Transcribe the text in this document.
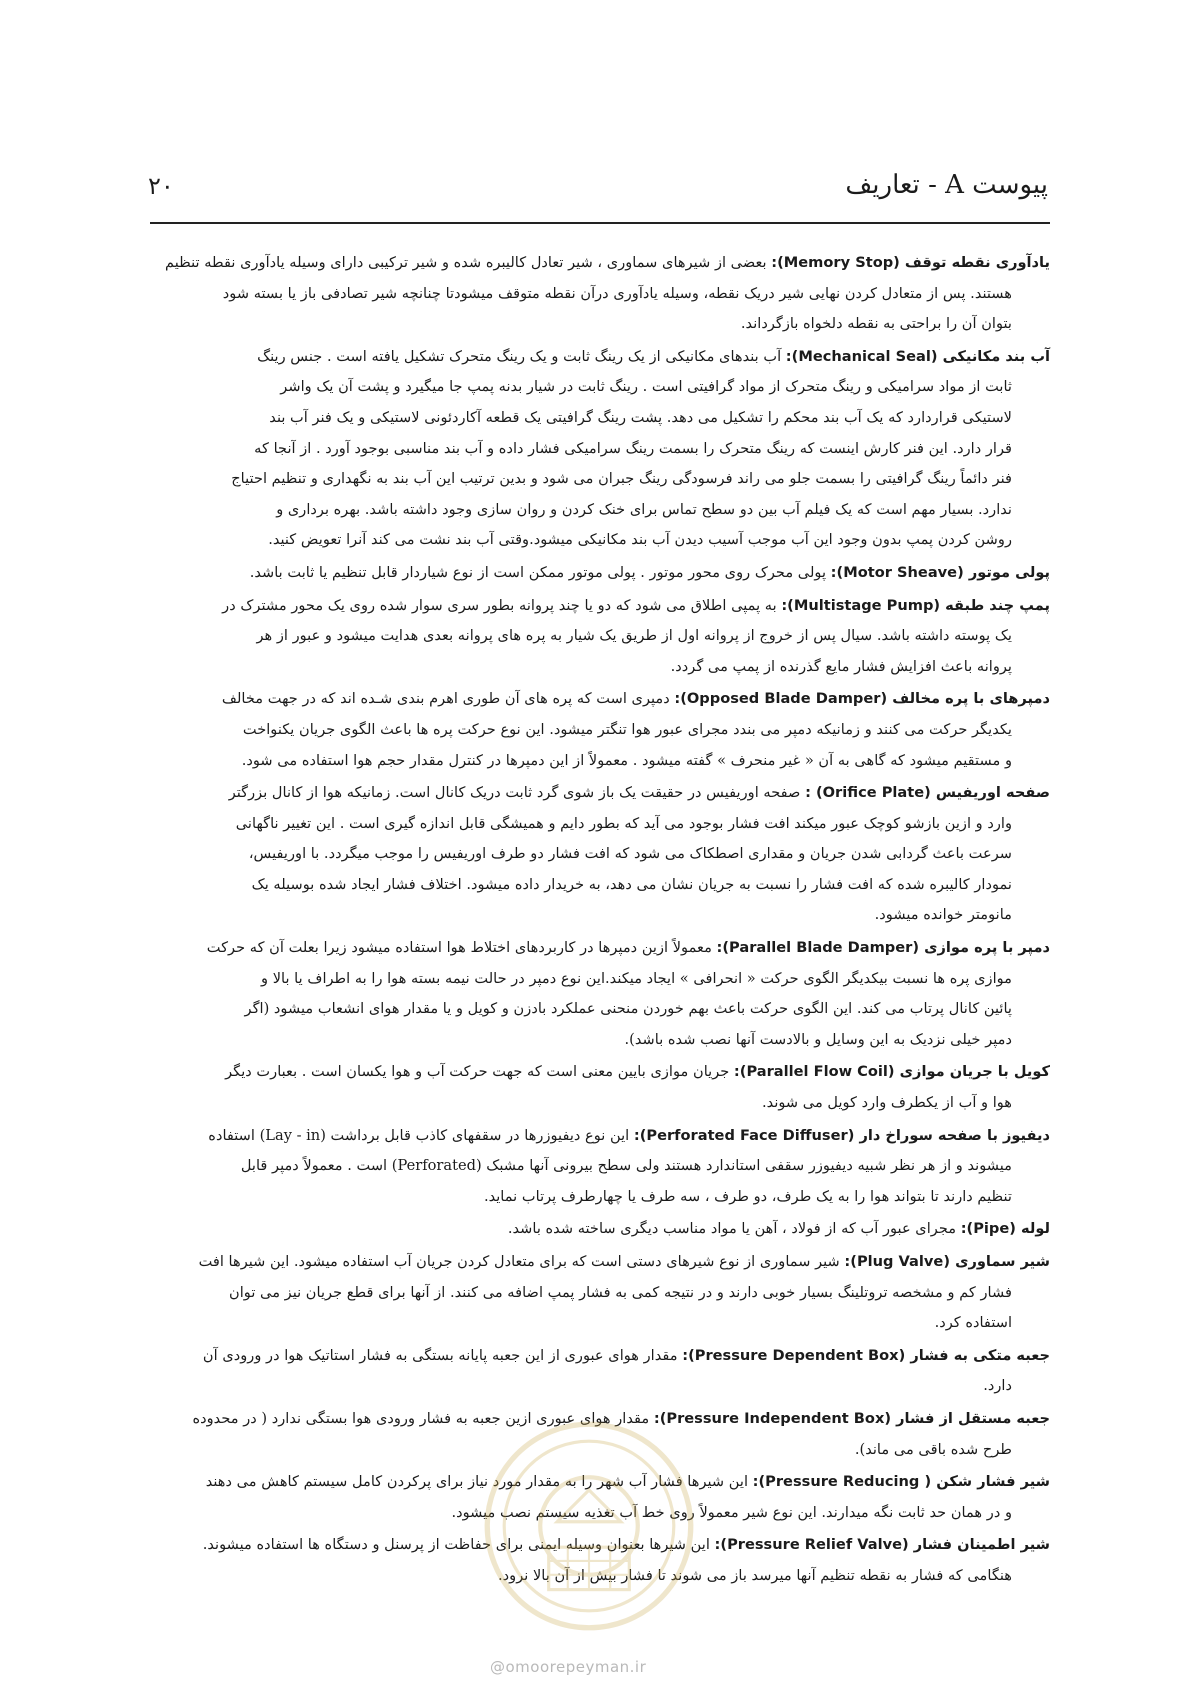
پیوست A - تعاریف
۲۰
یادآوری نقطه توقف (Memory Stop): بعضی از شیرهای سماوری ، شیر تعادل کالیبره شده و شیر ترکیبی دارای وسیله یادآوری نقطه تنظیم
هستند. پس از متعادل کردن نهایی شیر دریک نقطه، وسیله یادآوری درآن نقطه متوقف میشودتا چنانچه شیر تصادفی باز یا بسته شود
بتوان آن را براحتی به نقطه دلخواه بازگرداند.
آب بند مکانیکی (Mechanical Seal): آب بندهای مکانیکی از یک رینگ ثابت و یک رینگ متحرک تشکیل یافته است . جنس رینگ
ثابت از مواد سرامیکی و رینگ متحرک از مواد گرافیتی است . رینگ ثابت در شیار بدنه پمپ جا میگیرد و پشت آن یک واشر
لاستیکی قراردارد که یک آب بند محکم را تشکیل می دهد. پشت رینگ گرافیتی یک قطعه آکاردئونی لاستیکی و یک فنر آب بند
قرار دارد. این فنر کارش اینست که رینگ متحرک را بسمت رینگ سرامیکی فشار داده و آب بند مناسبی بوجود آورد . از آنجا که
فنر دائماً رینگ گرافیتی را بسمت جلو می راند فرسودگی رینگ جبران می شود و بدین ترتیب این آب بند به نگهداری و تنظیم احتیاج
ندارد. بسیار مهم است که یک فیلم آب بین دو سطح تماس برای خنک کردن و روان سازی وجود داشته باشد. بهره برداری و
روشن کردن پمپ بدون وجود این آب موجب آسیب دیدن آب بند مکانیکی میشود.وقتی آب بند نشت می کند آنرا تعویض کنید.
پولی موتور (Motor Sheave): پولی محرک روی محور موتور . پولی موتور ممکن است از نوع شیاردار قابل تنظیم یا ثابت باشد.
پمپ چند طبقه (Multistage Pump): به پمپی اطلاق می شود که دو یا چند پروانه بطور سری سوار شده روی یک محور مشترک در
یک پوسته داشته باشد. سیال پس از خروج از پروانه اول از طریق یک شیار به پره های پروانه بعدی هدایت میشود و عبور از هر
پروانه باعث افزایش فشار مایع گذرنده از پمپ می گردد.
دمپرهای با پره مخالف (Opposed Blade Damper): دمپری است که پره های آن طوری اهرم بندی شـده اند که در جهت مخالف
یکدیگر حرکت می کنند و زمانیکه دمپر می بندد مجرای عبور هوا تنگتر میشود. این نوع حرکت پره ها باعث الگوی جریان یکنواخت
و مستقیم میشود که گاهی به آن « غیر منحرف » گفته میشود . معمولاً از این دمپرها در کنترل مقدار حجم هوا استفاده می شود.
صفحه اوریفیس (Orifice Plate) : صفحه اوریفیس در حقیقت یک باز شوی گرد ثابت دریک کانال است. زمانیکه هوا از کانال بزرگتر
وارد و ازین بازشو کوچک عبور میکند افت فشار بوجود می آید که بطور دایم و همیشگی قابل اندازه گیری است . این تغییر ناگهانی
سرعت باعث گردابی شدن جریان و مقداری اصطکاک می شود که افت فشار دو طرف اوریفیس را موجب میگردد. با اوریفیس،
نمودار کالیبره شده که افت فشار را نسبت به جریان نشان می دهد، به خریدار داده میشود. اختلاف فشار ایجاد شده بوسیله یک
مانومتر خوانده میشود.
دمپر با پره موازی (Parallel Blade Damper): معمولاً ازین دمپرها در کاربردهای اختلاط هوا استفاده میشود زیرا بعلت آن که حرکت
موازی پره ها نسبت بیکدیگر الگوی حرکت « انحرافی » ایجاد میکند.این نوع دمپر در حالت نیمه بسته هوا را به اطراف یا بالا و
پائین کانال پرتاب می کند. این الگوی حرکت باعث بهم خوردن منحنی عملکرد بادزن و کویل و یا مقدار هوای انشعاب میشود (اگر
دمپر خیلی نزدیک به این وسایل و بالادست آنها نصب شده باشد).
کویل با جریان موازی (Parallel Flow Coil): جریان موازی بایین معنی است که جهت حرکت آب و هوا یکسان است . بعبارت دیگر
هوا و آب از یکطرف وارد کویل می شوند.
دیفیوز با صفحه سوراخ دار (Perforated Face Diffuser): این نوع دیفیوزرها در سقفهای کاذب قابل برداشت (Lay - in) استفاده
میشوند و از هر نظر شبیه دیفیوزر سقفی استاندارد هستند ولی سطح بیرونی آنها مشبک (Perforated) است . معمولاً دمپر قابل
تنظیم دارند تا بتواند هوا را به یک طرف، دو طرف ، سه طرف یا چهارطرف پرتاب نماید.
لوله (Pipe): مجرای عبور آب که از فولاد ، آهن یا مواد مناسب دیگری ساخته شده باشد.
شیر سماوری (Plug Valve): شیر سماوری از نوع شیرهای دستی است که برای متعادل کردن جریان آب استفاده میشود. این شیرها افت
فشار کم و مشخصه تروتلینگ بسیار خوبی دارند و در نتیجه کمی به فشار پمپ اضافه می کنند. از آنها برای قطع جریان نیز می توان
استفاده کرد.
جعبه متکی به فشار (Pressure Dependent Box): مقدار هوای عبوری از این جعبه پایانه بستگی به فشار استاتیک هوا در ورودی آن
دارد.
جعبه مستقل از فشار (Pressure Independent Box): مقدار هوای عبوری ازین جعبه به فشار ورودی هوا بستگی ندارد ( در محدوده
طرح شده باقی می ماند).
شیر فشار شکن ( Pressure Reducing): این شیرها فشار آب شهر را به مقدار مورد نیاز برای پرکردن کامل سیستم کاهش می دهند
و در همان حد ثابت نگه میدارند. این نوع شیر معمولاً روی خط آب تغذیه سیستم نصب میشود.
شیر اطمینان فشار (Pressure Relief Valve): این شیرها بعنوان وسیله ایمنی برای حفاظت از پرسنل و دستگاه ها استفاده میشوند.
هنگامی که فشار به نقطه تنظیم آنها میرسد باز می شوند تا فشار بیش از آن بالا نرود.
@omoorepeyman.ir
